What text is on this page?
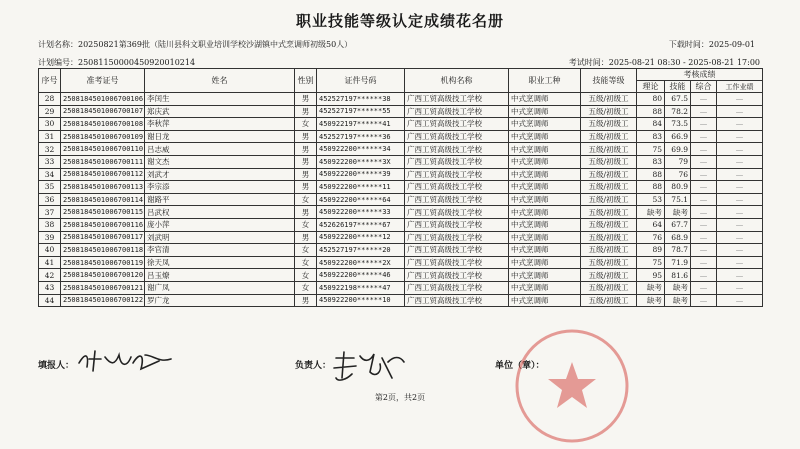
职业技能等级认定成绩花名册
计划名称：20250821第369批（陆川县科文职业培训学校沙湖镇中式烹调师初级50人）	下载时间：2025-09-01
计划编号：25081150000450920010214	考试时间：2025-08-21 08:30 - 2025-08-21 17:00
序号	准考证号	姓名	性别	证件号码	机构名称	职业工种	技能等级	考核成绩			
								理论	技能	综合	工作业绩
28	25081845010067001​06	李闰生	男	452527197******38	广西工贸高级技工学校	中式烹调师	五级/初级工	80	67.5	—	—
29	2508184501006700107	郑庆武	男	452527197******55	广西工贸高级技工学校	中式烹调师	五级/初级工	88	78.2	—	—
30	2508184501006700108	李秋萍	女	450922197******41	广西工贸高级技工学校	中式烹调师	五级/初级工	84	73.5	—	—
31	2508184501006700109	谢日龙	男	452527197******36	广西工贸高级技工学校	中式烹调师	五级/初级工	83	66.9	—	—
32	2508184501006700110	吕志威	男	450922200******34	广西工贸高级技工学校	中式烹调师	五级/初级工	75	69.9	—	—
33	2508184501006700111	谢文杰	男	450922200******3X	广西工贸高级技工学校	中式烹调师	五级/初级工	83	79	—	—
34	2508184501006700112	刘武才	男	450922200******39	广西工贸高级技工学校	中式烹调师	五级/初级工	88	76	—	—
35	2508184501006700113	李宗添	男	450922200******11	广西工贸高级技工学校	中式烹调师	五级/初级工	88	80.9	—	—
36	2508184501006700114	谢路平	女	450922200******64	广西工贸高级技工学校	中式烹调师	五级/初级工	53	75.1	—	—
37	2508184501006700115	吕武权	男	450922200******33	广西工贸高级技工学校	中式烹调师	五级/初级工	缺考	缺考	—	—
38	2508184501006700116	庞小萍	女	452626197******67	广西工贸高级技工学校	中式烹调师	五级/初级工	64	67.7	—	—
39	2508184501006700117	刘武明	男	450922200******12	广西工贸高级技工学校	中式烹调师	五级/初级工	76	68.9	—	—
40	2508184501006700118	李官清	女	452527197******20	广西工贸高级技工学校	中式烹调师	五级/初级工	89	78.7	—	—
41	2508184501006700119	徐天凤	女	450922200******2X	广西工贸高级技工学校	中式烹调师	五级/初级工	75	71.9	—	—
42	2508184501006700120	吕玉燎	女	450922200******46	广西工贸高级技工学校	中式烹调师	五级/初级工	95	81.6	—	—
43	2508184501006700121	谢广凤	女	450922198******47	广西工贸高级技工学校	中式烹调师	五级/初级工	缺考	缺考	—	—
44	2508184501006700122	罗广龙	男	450922200******10	广西工贸高级技工学校	中式烹调师	五级/初级工	缺考	缺考	—	—
填报人：	负责人：	单位（章）：
第2页，共2页
